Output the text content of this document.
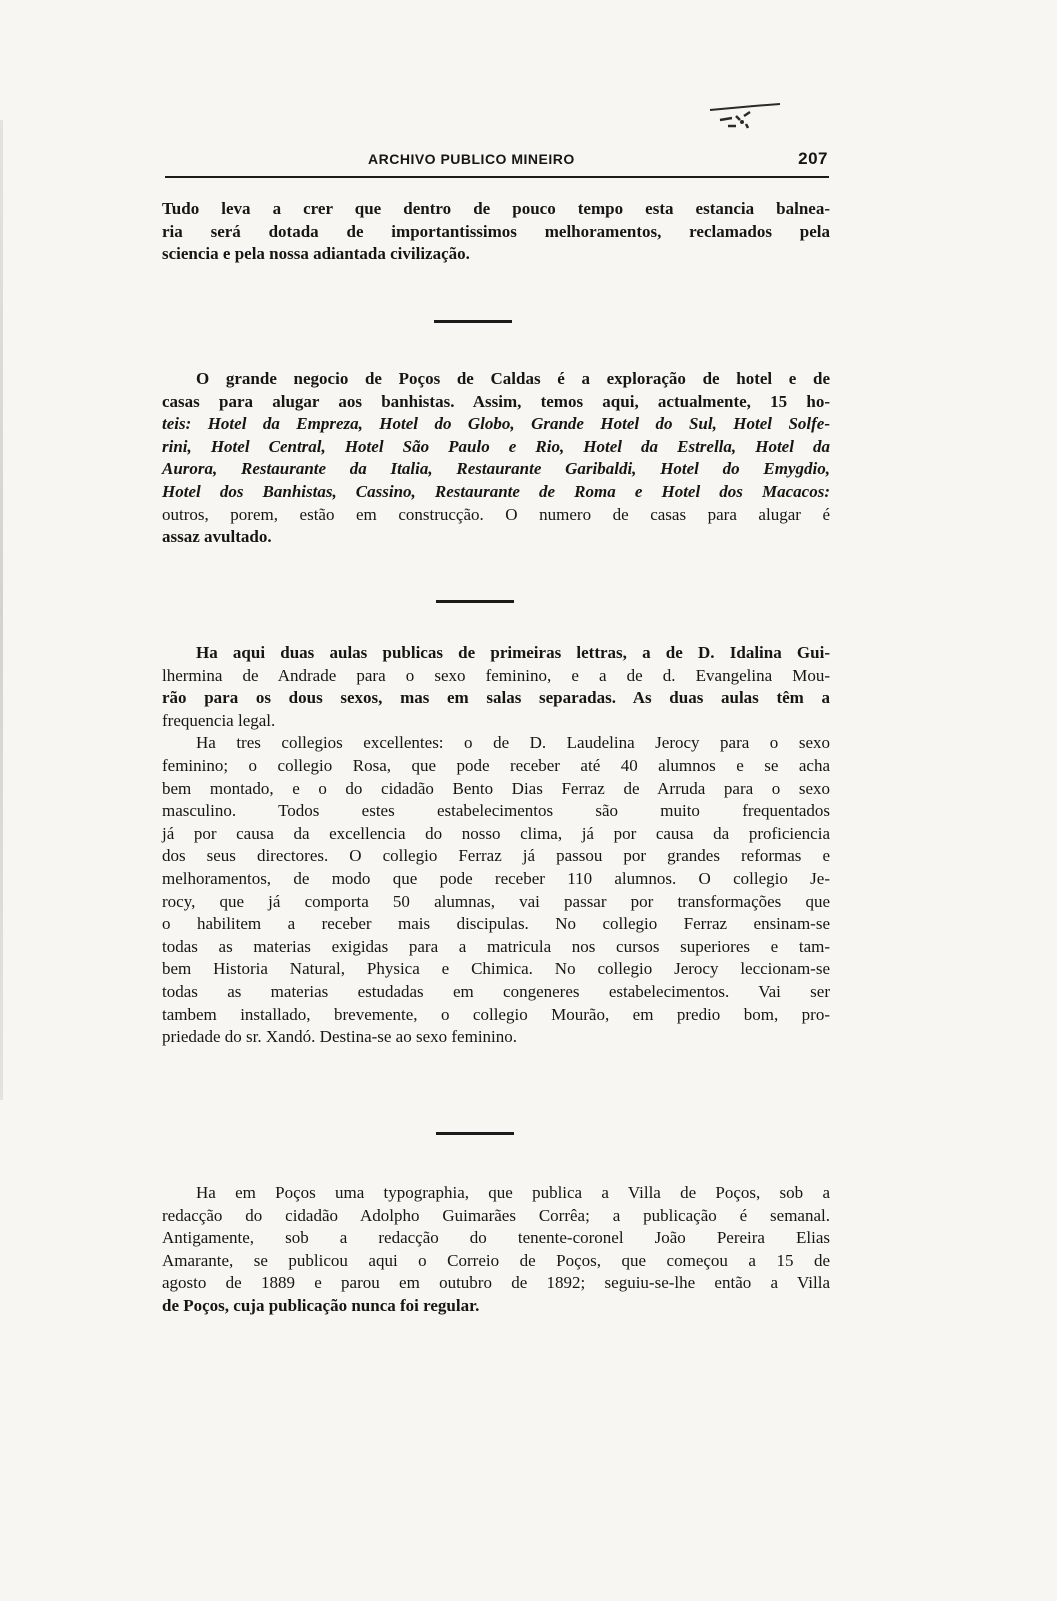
ARCHIVO PUBLICO MINEIRO	207
Tudo leva a crer que dentro de pouco tempo esta estancia balnea-
ria será dotada de importantissimos melhoramentos, reclamados pela
sciencia e pela nossa adiantada civilização.
O grande negocio de Poços de Caldas é a exploração de hotel e de
casas para alugar aos banhistas. Assim, temos aqui, actualmente, 15 ho-
teis: Hotel da Empreza, Hotel do Globo, Grande Hotel do Sul, Hotel Solfe-
rini, Hotel Central, Hotel São Paulo e Rio, Hotel da Estrella, Hotel da
Aurora, Restaurante da Italia, Restaurante Garibaldi, Hotel do Emygdio,
Hotel dos Banhistas, Cassino, Restaurante de Roma e Hotel dos Macacos:
outros, porem, estão em construcção. O numero de casas para alugar é
assaz avultado.
Ha aqui duas aulas publicas de primeiras lettras, a de D. Idalina Gui-
lhermina de Andrade para o sexo feminino, e a de d. Evangelina Mou-
rão para os dous sexos, mas em salas separadas. As duas aulas têm a
frequencia legal.
Ha tres collegios excellentes: o de D. Laudelina Jerocy para o sexo
feminino; o collegio Rosa, que pode receber até 40 alumnos e se acha
bem montado, e o do cidadão Bento Dias Ferraz de Arruda para o sexo
masculino. Todos estes estabelecimentos são muito frequentados
já por causa da excellencia do nosso clima, já por causa da proficiencia
dos seus directores. O collegio Ferraz já passou por grandes reformas e
melhoramentos, de modo que pode receber 110 alumnos. O collegio Je-
rocy, que já comporta 50 alumnas, vai passar por transformações que
o habilitem a receber mais discipulas. No collegio Ferraz ensinam-se
todas as materias exigidas para a matricula nos cursos superiores e tam-
bem Historia Natural, Physica e Chimica. No collegio Jerocy leccionam-se
todas as materias estudadas em congeneres estabelecimentos. Vai ser
tambem installado, brevemente, o collegio Mourão, em predio bom, pro-
priedade do sr. Xandó. Destina-se ao sexo feminino.
Ha em Poços uma typographia, que publica a Villa de Poços, sob a
redacção do cidadão Adolpho Guimarães Corrêa; a publicação é semanal.
Antigamente, sob a redacção do tenente-coronel João Pereira Elias
Amarante, se publicou aqui o Correio de Poços, que começou a 15 de
agosto de 1889 e parou em outubro de 1892; seguiu-se-lhe então a Villa
de Poços, cuja publicação nunca foi regular.
